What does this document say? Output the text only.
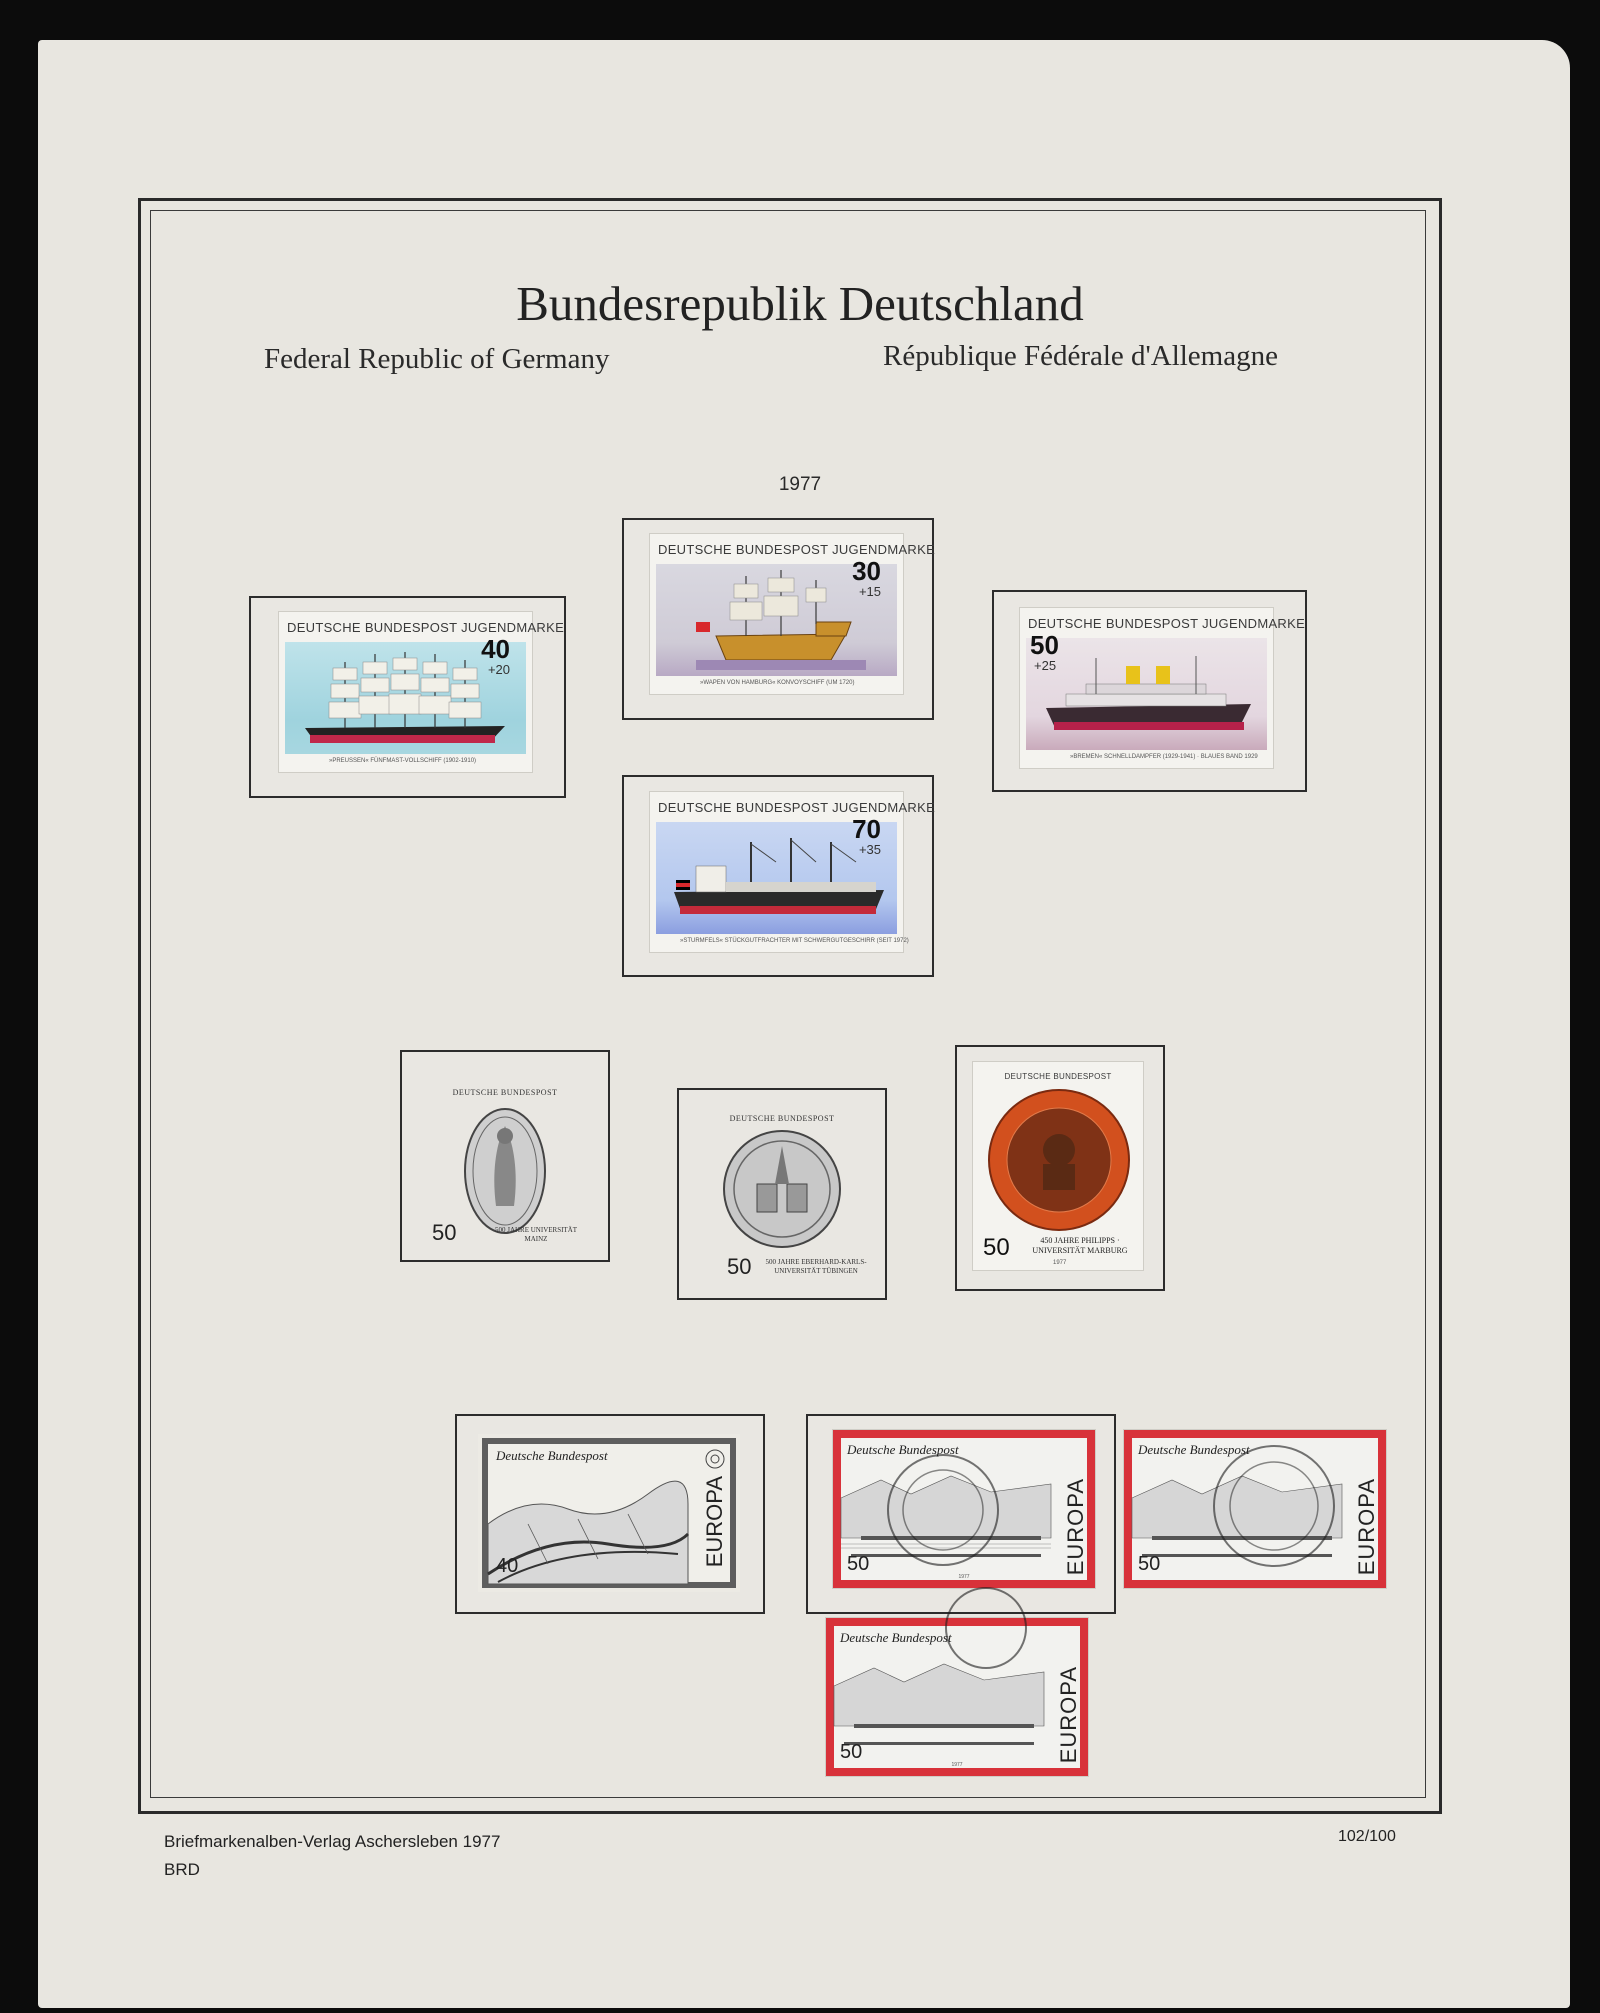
Bundesrepublik Deutschland
Federal Republic of Germany	République Fédérale d'Allemagne
1977
DEUTSCHE BUNDESPOST JUGENDMARKE
40
+20
»PREUSSEN« FÜNFMAST-VOLLSCHIFF (1902-1910)
DEUTSCHE BUNDESPOST JUGENDMARKE
30
+15
»WAPEN VON HAMBURG« KONVOYSCHIFF (UM 1720)
DEUTSCHE BUNDESPOST JUGENDMARKE
50
+25
»BREMEN« SCHNELLDAMPFER (1929-1941) · BLAUES BAND 1929
DEUTSCHE BUNDESPOST JUGENDMARKE
70
+35
»STURMFELS« STÜCKGUTFRACHTER MIT SCHWERGUTGESCHIRR (SEIT 1972)
DEUTSCHE BUNDESPOST
50	500 JAHRE UNIVERSITÄT MAINZ
DEUTSCHE BUNDESPOST
50	500 JAHRE EBERHARD-KARLS-UNIVERSITÄT TÜBINGEN
DEUTSCHE BUNDESPOST
50	450 JAHRE PHILIPPS · UNIVERSITÄT MARBURG
1977
Deutsche Bundespost
40	EUROPA
Deutsche Bundespost
50	EUROPA
1977
Deutsche Bundespost
50	EUROPA
Deutsche Bundespost
50	EUROPA
1977
Briefmarkenalben-Verlag Aschersleben 1977
BRD
102/100
